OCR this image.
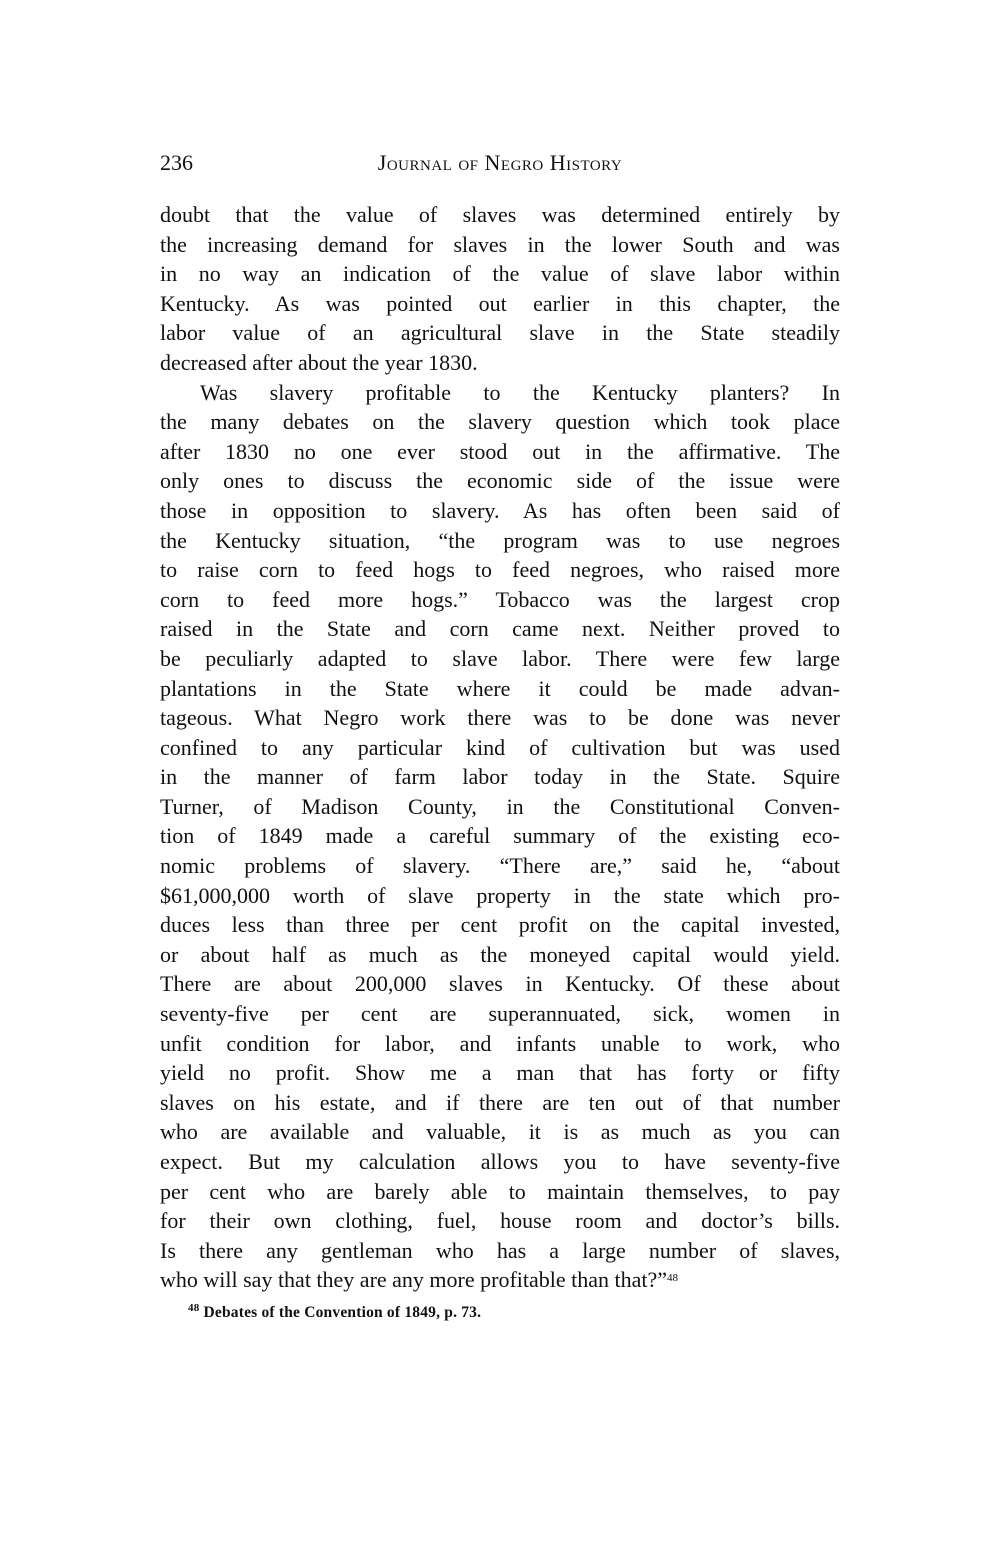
236	Journal of Negro History
doubt that the value of slaves was determined entirely by
the increasing demand for slaves in the lower South and was
in no way an indication of the value of slave labor within
Kentucky. As was pointed out earlier in this chapter, the
labor value of an agricultural slave in the State steadily
decreased after about the year 1830.
Was slavery profitable to the Kentucky planters? In
the many debates on the slavery question which took place
after 1830 no one ever stood out in the affirmative. The
only ones to discuss the economic side of the issue were
those in opposition to slavery. As has often been said of
the Kentucky situation, “the program was to use negroes
to raise corn to feed hogs to feed negroes, who raised more
corn to feed more hogs.” Tobacco was the largest crop
raised in the State and corn came next. Neither proved to
be peculiarly adapted to slave labor. There were few large
plantations in the State where it could be made advan-
tageous. What Negro work there was to be done was never
confined to any particular kind of cultivation but was used
in the manner of farm labor today in the State. Squire
Turner, of Madison County, in the Constitutional Conven-
tion of 1849 made a careful summary of the existing eco-
nomic problems of slavery. “There are,” said he, “about
$61,000,000 worth of slave property in the state which pro-
duces less than three per cent profit on the capital invested,
or about half as much as the moneyed capital would yield.
There are about 200,000 slaves in Kentucky. Of these about
seventy-five per cent are superannuated, sick, women in
unfit condition for labor, and infants unable to work, who
yield no profit. Show me a man that has forty or fifty
slaves on his estate, and if there are ten out of that number
who are available and valuable, it is as much as you can
expect. But my calculation allows you to have seventy-five
per cent who are barely able to maintain themselves, to pay
for their own clothing, fuel, house room and doctor’s bills.
Is there any gentleman who has a large number of slaves,
who will say that they are any more profitable than that?”$^{48}$
$^{48}$ Debates of the Convention of 1849, p. 73.
